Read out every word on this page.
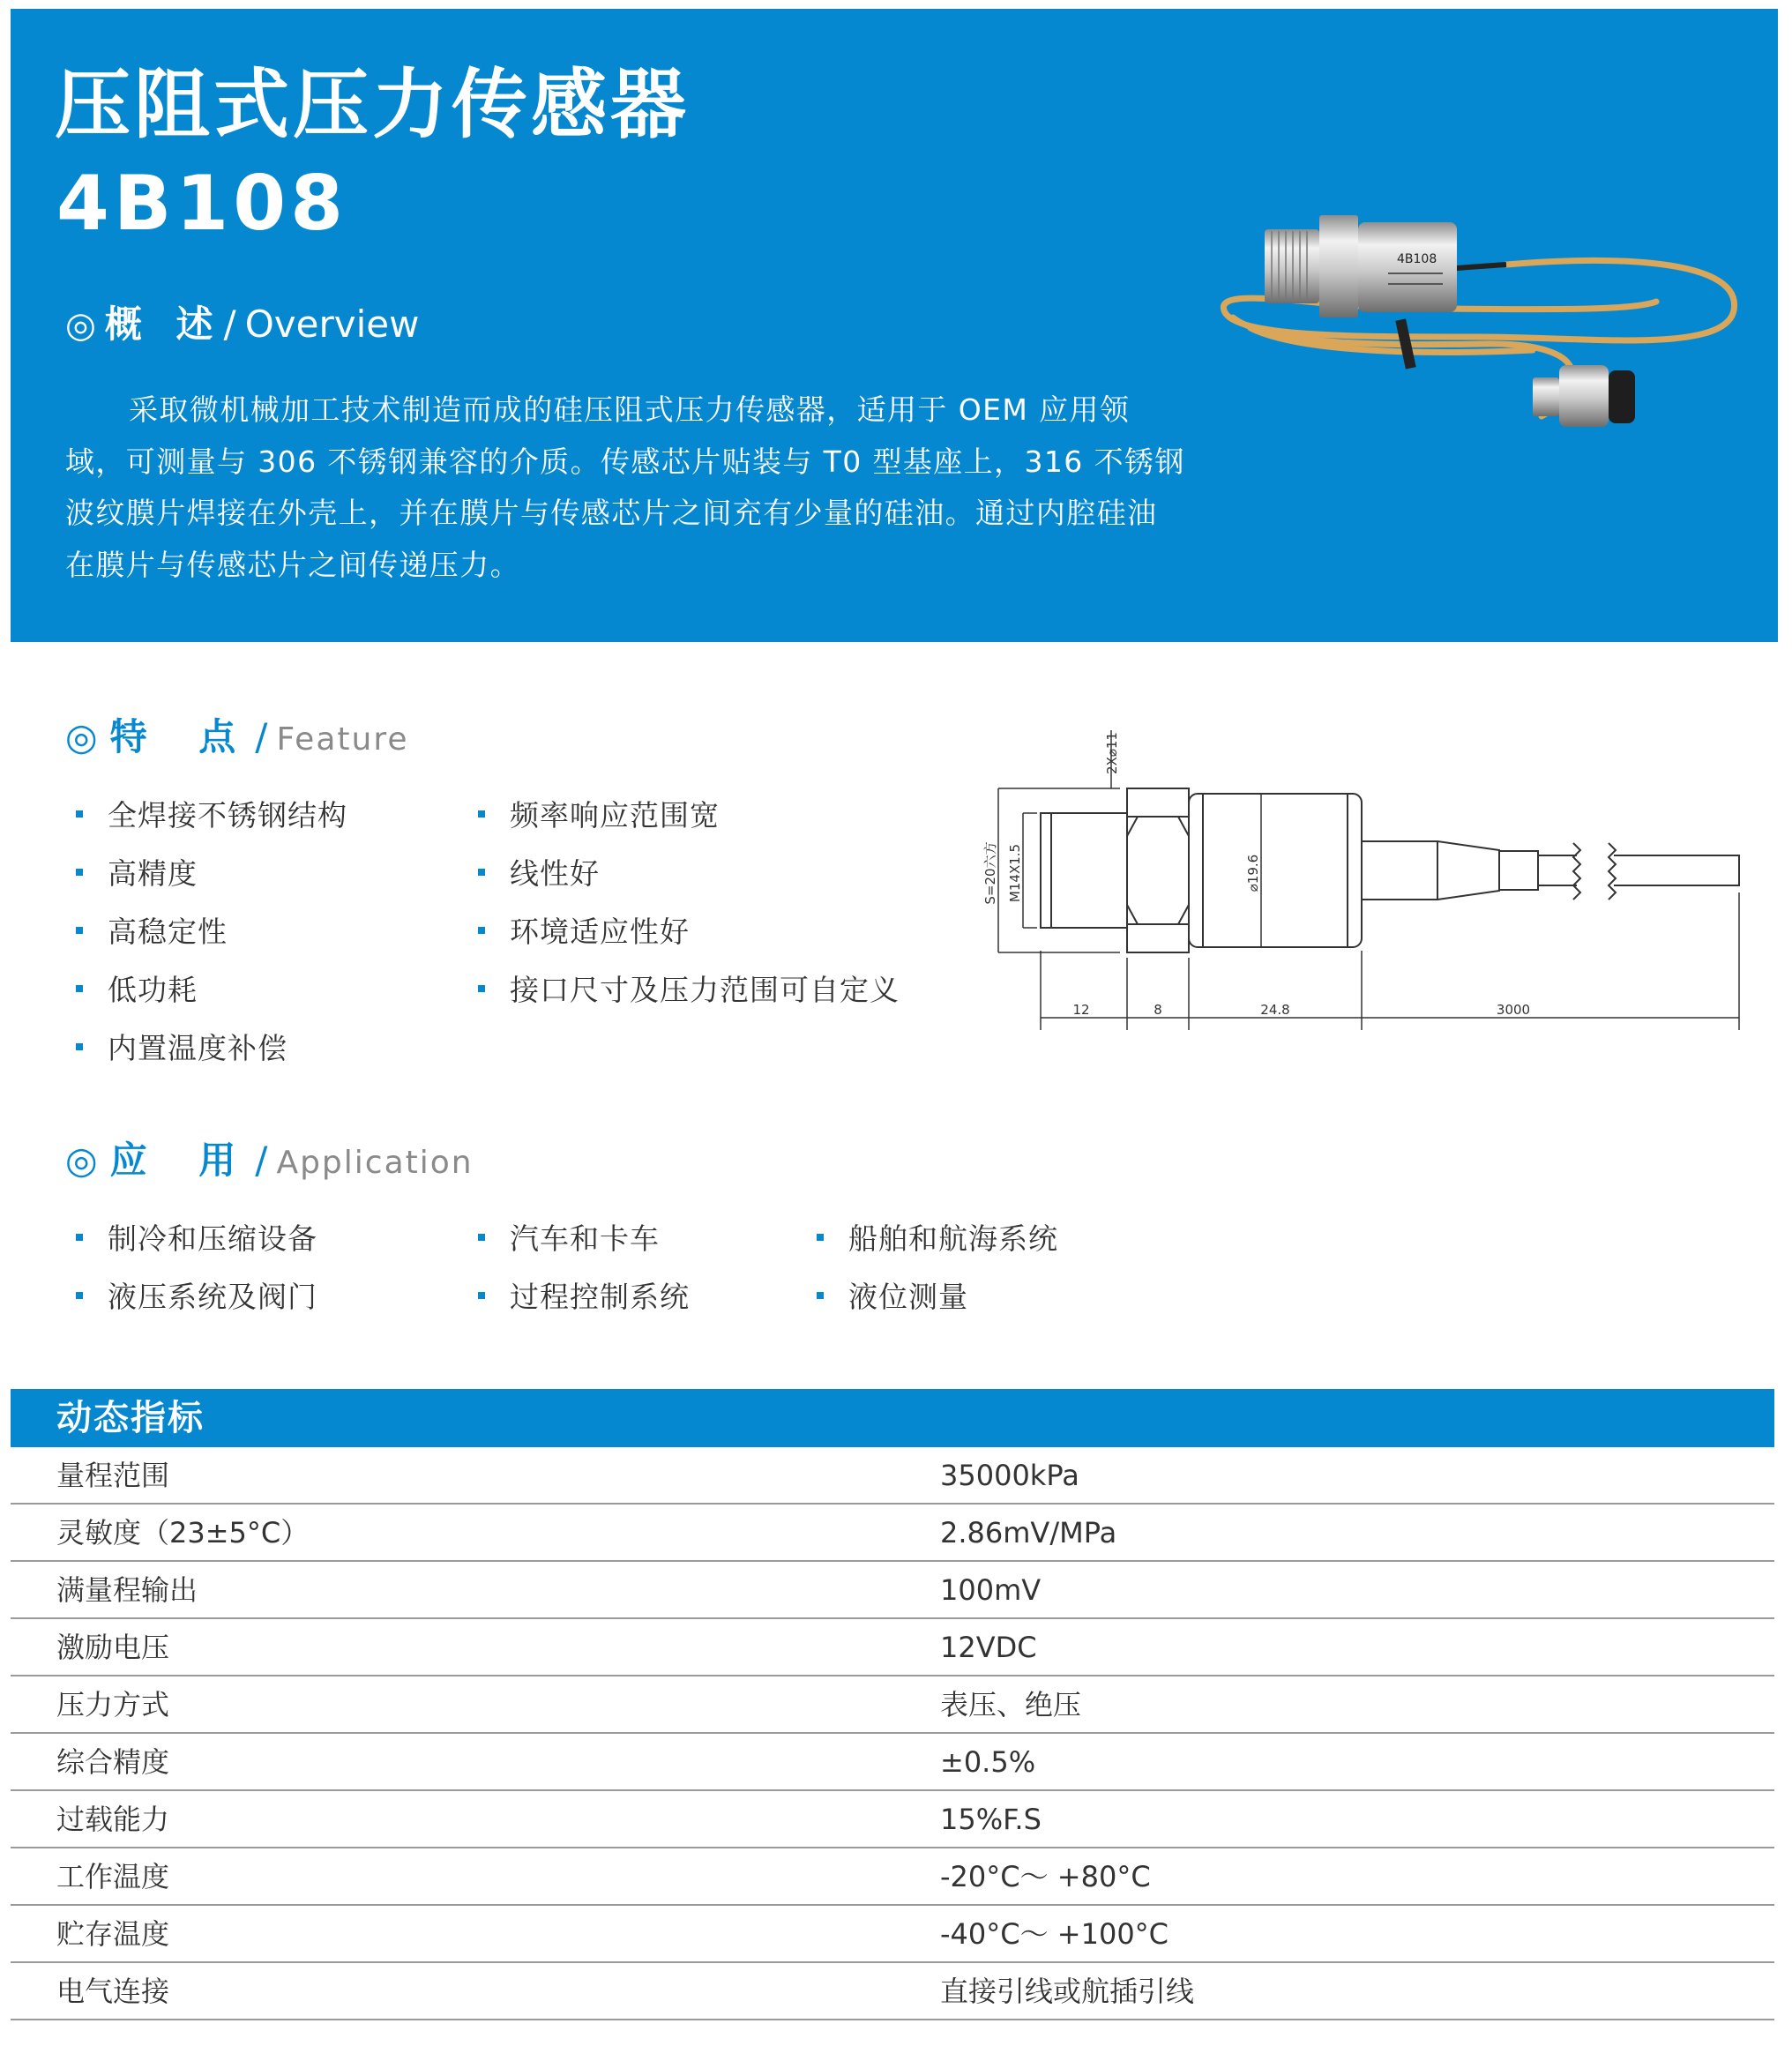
压阻式压力传感器
4B108
◎ 概 述/ Overview

采取微机械加工技术制造而成的硅压阻式压力传感器，适用于 OEM 应用领域，可测量与 306 不锈钢兼容的介质。传感芯片贴装与 T0 型基座上，316 不锈钢波纹膜片焊接在外壳上，并在膜片与传感芯片之间充有少量的硅油。通过内腔硅油在膜片与传感芯片之间传递压力。

4B108
◎ 特 点/ Feature
全焊接不锈钢结构
高精度
高稳定性
低功耗
内置温度补偿
频率响应范围宽
线性好
环境适应性好
接口尺寸及压力范围可自定义
12	8	24.8	3000
S=20六方 M14X1.5	⌀19.6
2X⌀11
◎ 应 用/ Application
制冷和压缩设备
液压系统及阀门
汽车和卡车
过程控制系统
船舶和航海系统
液位测量
动态指标
量程范围	35000kPa
灵敏度（23±5°C）	2.86mV/MPa
满量程输出	100mV
激励电压	12VDC
压力方式	表压、绝压
综合精度	±0.5%
过载能力	15%F.S
工作温度	-20°C～ +80°C
贮存温度	-40°C～ +100°C
电气连接	直接引线或航插引线
